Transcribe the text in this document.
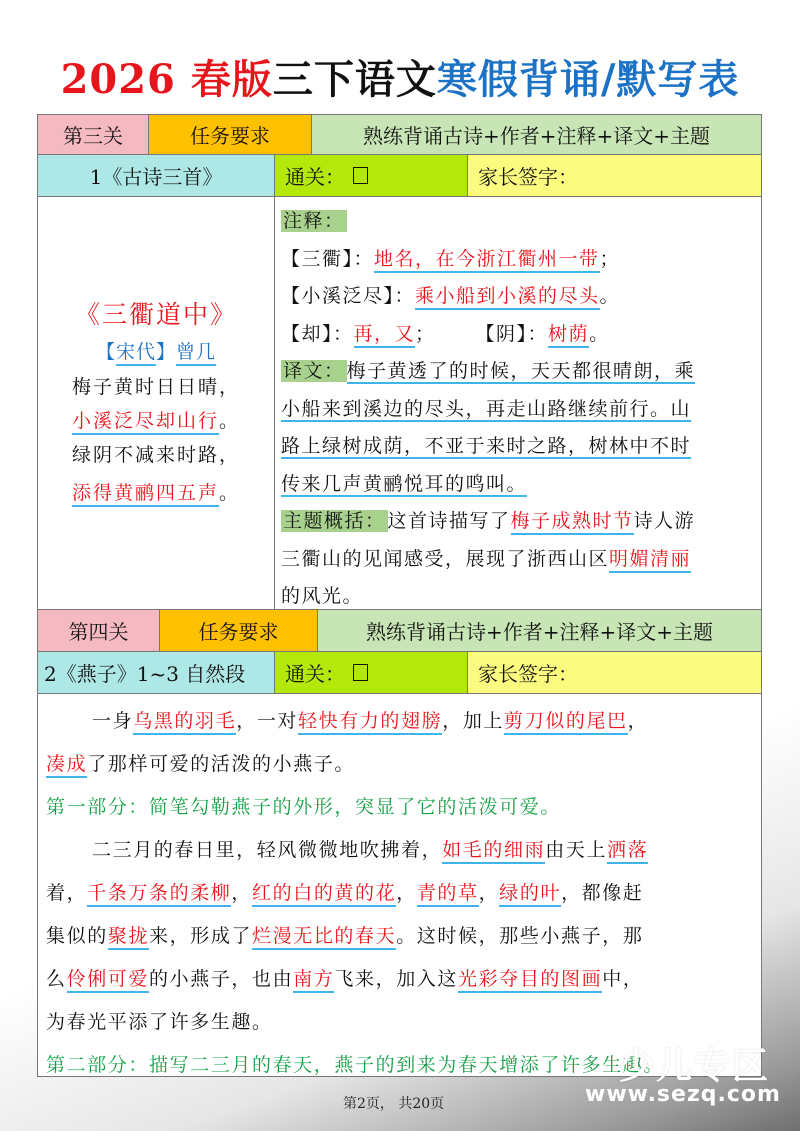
2026 春版三下语文寒假背诵/默写表
第三关	任务要求	熟练背诵古诗+作者+注释+译文+主题
1《古诗三首》	通关：	家长签字：
《三衢道中》
【宋代】曾几
梅子黄时日日晴，
小溪泛尽却山行。
绿阴不减来时路，
添得黄鹂四五声。
注释：
【三衢】：地名，在今浙江衢州一带；
【小溪泛尽】：乘小船到小溪的尽头。
【却】：再，又； 【阴】：树荫。
译文： 梅子黄透了的时候，天天都很晴朗，乘
小船来到溪边的尽头，再走山路继续前行。山
路上绿树成荫，不亚于来时之路，树林中不时
传来几声黄鹂悦耳的鸣叫。
主题概括： 这首诗描写了梅子成熟时节诗人游
三衢山的见闻感受，展现了浙西山区明媚清丽
的风光。
第四关	任务要求	熟练背诵古诗+作者+注释+译文+主题
2《燕子》1~3 自然段	通关：	家长签字：
一身乌黑的羽毛，一对轻快有力的翅膀，加上剪刀似的尾巴，
凑成了那样可爱的活泼的小燕子。
第一部分：简笔勾勒燕子的外形，突显了它的活泼可爱。
二三月的春日里，轻风微微地吹拂着，如毛的细雨由天上洒落
着，千条万条的柔柳，红的白的黄的花，青的草，绿的叶，都像赶
集似的聚拢来，形成了烂漫无比的春天。这时候，那些小燕子，那
么伶俐可爱的小燕子，也由南方飞来，加入这光彩夺目的图画中，
为春光平添了许多生趣。
第二部分：描写二三月的春天，燕子的到来为春天增添了许多生趣。
第2页， 共20页
少儿专区
www.sezq.com
